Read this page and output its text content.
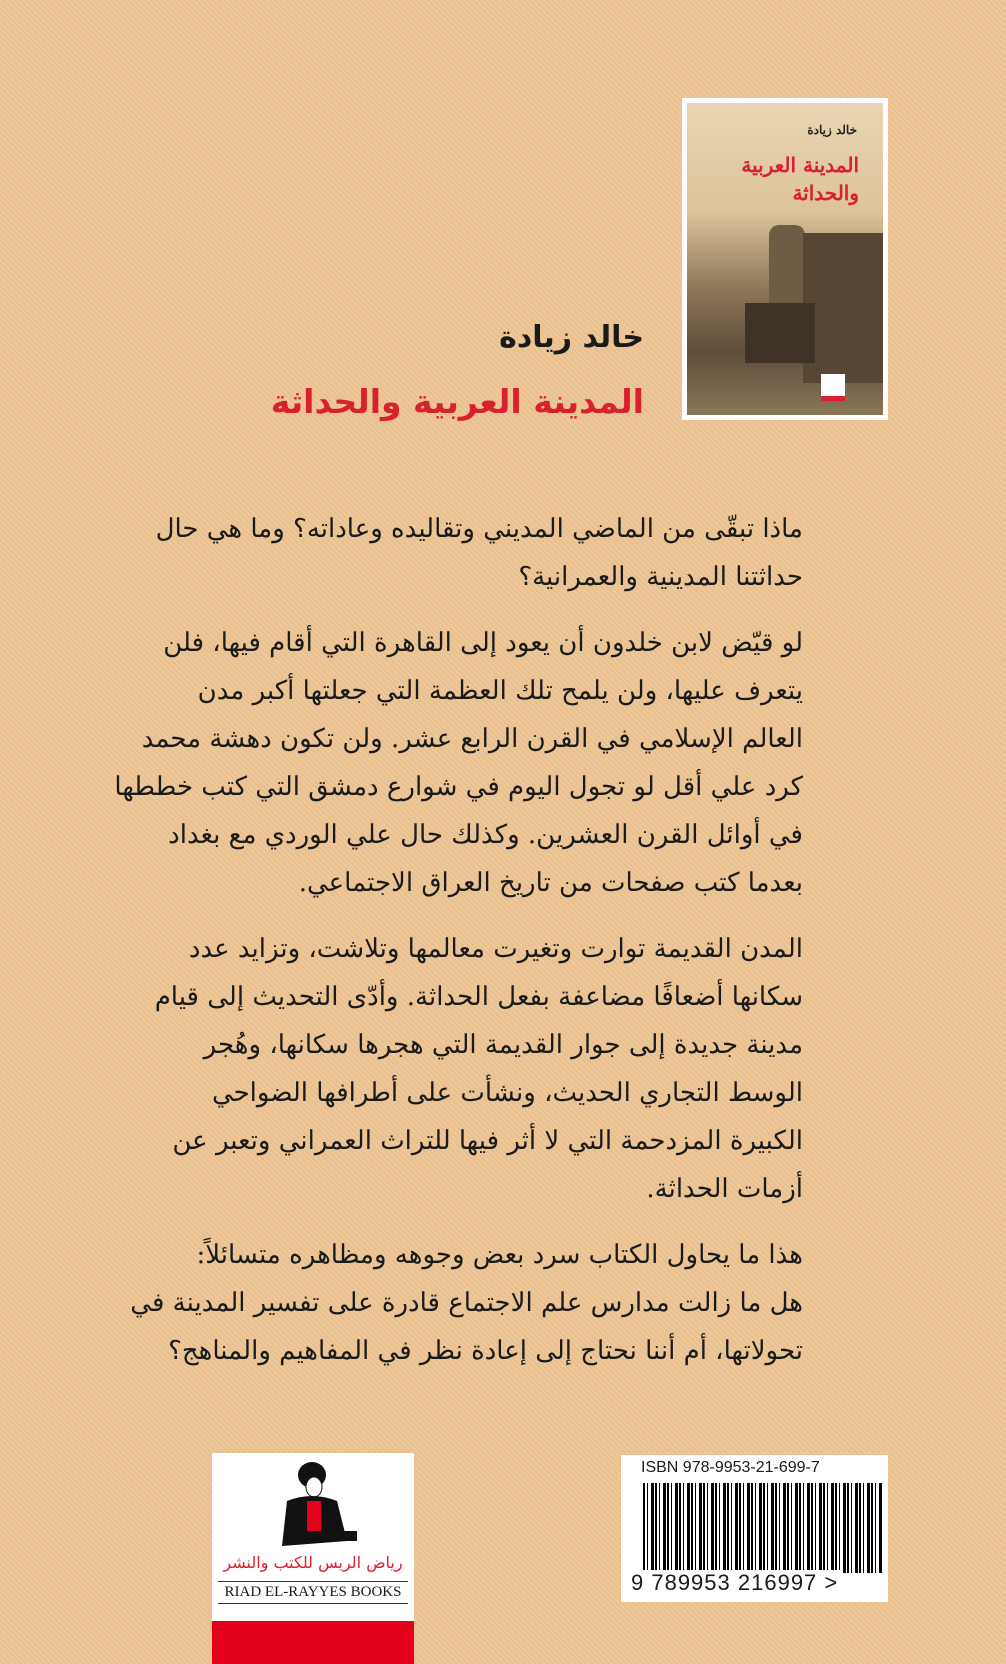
خالد زيادة
المدينة العربية
والحداثة
خالد زيادة
المدينة العربية والحداثة
ماذا تبقّى من الماضي المديني وتقاليده وعاداته؟ وما هي حال
حداثتنا المدينية والعمرانية؟
لو قيّض لابن خلدون أن يعود إلى القاهرة التي أقام فيها، فلن
يتعرف عليها، ولن يلمح تلك العظمة التي جعلتها أكبر مدن
العالم الإسلامي في القرن الرابع عشر. ولن تكون دهشة محمد
كرد علي أقل لو تجول اليوم في شوارع دمشق التي كتب خططها
في أوائل القرن العشرين. وكذلك حال علي الوردي مع بغداد
بعدما كتب صفحات من تاريخ العراق الاجتماعي.
المدن القديمة توارت وتغيرت معالمها وتلاشت، وتزايد عدد
سكانها أضعافًا مضاعفة بفعل الحداثة. وأدّى التحديث إلى قيام
مدينة جديدة إلى جوار القديمة التي هجرها سكانها، وهُجر
الوسط التجاري الحديث، ونشأت على أطرافها الضواحي
الكبيرة المزدحمة التي لا أثر فيها للتراث العمراني وتعبر عن
أزمات الحداثة.
هذا ما يحاول الكتاب سرد بعض وجوهه ومظاهره متسائلاً:
هل ما زالت مدارس علم الاجتماع قادرة على تفسير المدينة في
تحولاتها، أم أننا نحتاج إلى إعادة نظر في المفاهيم والمناهج؟
رياض الريس للكتب والنشر
RIAD EL-RAYYES BOOKS
ISBN 978-9953-21-699-7
9 789953 216997 >
